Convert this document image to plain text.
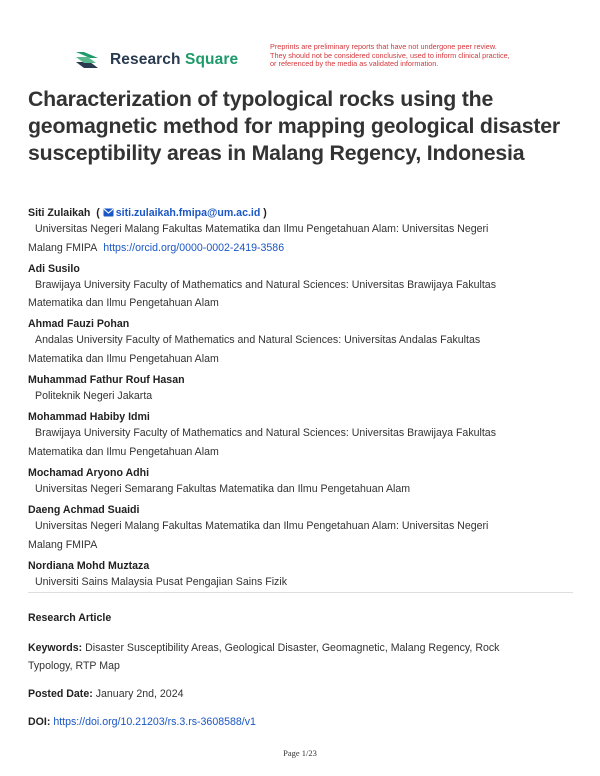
Research Square
Preprints are preliminary reports that have not undergone peer review.
They should not be considered conclusive, used to inform clinical practice,
or referenced by the media as validated information.
Characterization of typological rocks using the geomagnetic method for mapping geological disaster susceptibility areas in Malang Regency, Indonesia
Siti Zulaikah  ( siti.zulaikah.fmipa@um.ac.id )
Universitas Negeri Malang Fakultas Matematika dan Ilmu Pengetahuan Alam: Universitas Negeri
Malang FMIPA https://orcid.org/0000-0002-2419-3586
Adi Susilo
Brawijaya University Faculty of Mathematics and Natural Sciences: Universitas Brawijaya Fakultas
Matematika dan Ilmu Pengetahuan Alam
Ahmad Fauzi Pohan
Andalas University Faculty of Mathematics and Natural Sciences: Universitas Andalas Fakultas
Matematika dan Ilmu Pengetahuan Alam
Muhammad Fathur Rouf Hasan
Politeknik Negeri Jakarta
Mohammad Habiby Idmi
Brawijaya University Faculty of Mathematics and Natural Sciences: Universitas Brawijaya Fakultas
Matematika dan Ilmu Pengetahuan Alam
Mochamad Aryono Adhi
Universitas Negeri Semarang Fakultas Matematika dan Ilmu Pengetahuan Alam
Daeng Achmad Suaidi
Universitas Negeri Malang Fakultas Matematika dan Ilmu Pengetahuan Alam: Universitas Negeri
Malang FMIPA
Nordiana Mohd Muztaza
Universiti Sains Malaysia Pusat Pengajian Sains Fizik
Research Article
Keywords: Disaster Susceptibility Areas, Geological Disaster, Geomagnetic, Malang Regency, Rock
Typology, RTP Map
Posted Date: January 2nd, 2024
DOI: https://doi.org/10.21203/rs.3.rs-3608588/v1
Page 1/23
